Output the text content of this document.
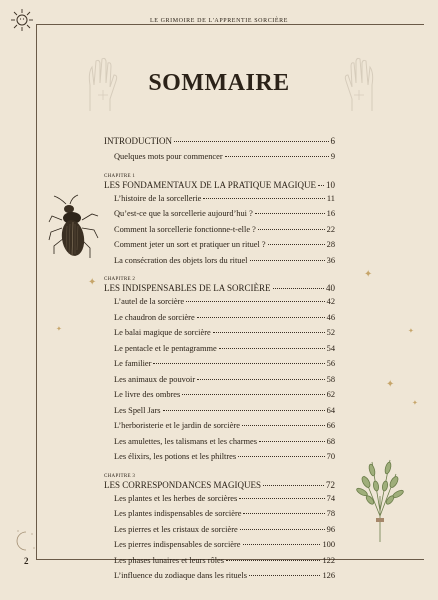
LE GRIMOIRE DE L'APPRENTIE SORCIÈRE
2
SOMMAIRE
INTRODUCTION	6
Quelques mots pour commencer	9
CHAPITRE 1
LES FONDAMENTAUX DE LA PRATIQUE MAGIQUE 10
L’histoire de la sorcellerie	11
Qu’est-ce que la sorcellerie aujourd’hui ?	16
Comment la sorcellerie fonctionne-t-elle ?	22
Comment jeter un sort et pratiquer un rituel ?	28
La consécration des objets lors du rituel	36
CHAPITRE 2
LES INDISPENSABLES DE LA SORCIÈRE	40
L’autel de la sorcière	42
Le chaudron de sorcière	46
Le balai magique de sorcière	52
Le pentacle et le pentagramme	54
Le familier	56
Les animaux de pouvoir	58
Le livre des ombres	62
Les Spell Jars	64
L’herboristerie et le jardin de sorcière	66
Les amulettes, les talismans et les charmes	68
Les élixirs, les potions et les philtres	70
CHAPITRE 3
LES CORRESPONDANCES MAGIQUES	72
Les plantes et les herbes de sorcières	74
Les plantes indispensables de sorcière	78
Les pierres et les cristaux de sorcière	96
Les pierres indispensables de sorcière	100
Les phases lunaires et leurs rôles	122
L’influence du zodiaque dans les rituels	126
✦
✦
✦
✦
✦
✦
